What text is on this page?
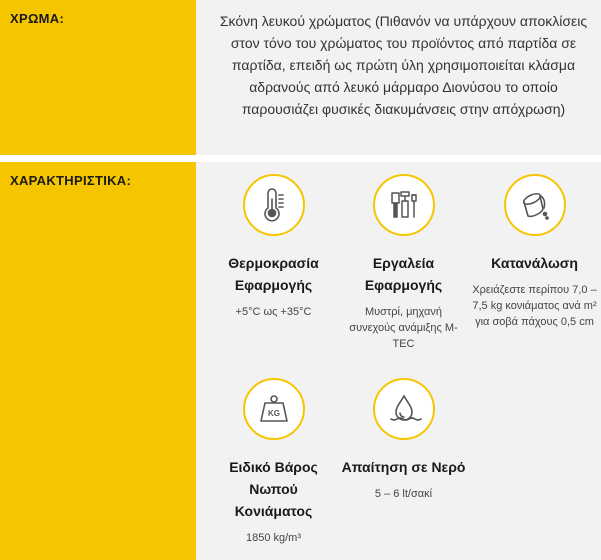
ΧΡΩΜΑ:	Σκόνη λευκού χρώματος (Πιθανόν να υπάρχουν αποκλίσεις στον τόνο του χρώματος του προϊόντος από παρτίδα σε παρτίδα, επειδή ως πρώτη ύλη χρησιμοποιείται κλάσμα αδρανούς από λευκό μάρμαρο Διονύσου το οποίο παρουσιάζει φυσικές διακυμάνσεις στην απόχρωση)
ΧΑΡΑΚΤΗΡΙΣΤΙΚΑ:
Θερμοκρασία Εφαρμογής
+5°C ως +35°C
Εργαλεία Εφαρμογής
Μυστρί, μηχανή συνεχούς ανάμιξης M-TEC
Κατανάλωση
Χρειάζεστε περίπου 7,0 – 7,5 kg κονιάματος ανά m² για σοβά πάχους 0,5 cm
KG
Ειδικό Βάρος Νωπού Κονιάματος
1850 kg/m³
Απαίτηση σε Νερό
5 – 6 lt/σακί
